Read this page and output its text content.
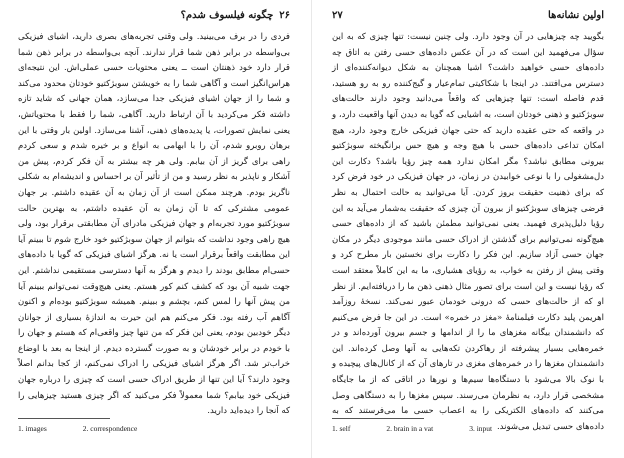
۲۶
چگونه فیلسوف شدم؟

فردی را در برف می‌بینید. ولی وقتی تجربه‌های بصری دارید، اشیای فیزیکی بی‌واسطه در برابر ذهن شما قرار ندارند. آنچه بی‌واسطه در برابر ذهن شما قرار دارد خود ذهنتان است ــ یعنی محتویات حسی عملی‌اش. این نتیجه‌ای هراس‌انگیز است و آگاهی شما را به خویشتن سوبژکتیو خودتان محدود می‌کند و شما را از جهان اشیای فیزیکی جدا می‌سازد، همان جهانی که شاید تازه داشته فکر می‌کردید با آن ارتباط دارید. آگاهی، شما را فقط با محتویاتش، یعنی نمایش تصورات، یا پدیده‌های ذهنی، آشنا می‌سازد. اولین بار وقتی با این برهان روبرو شدم، آن را با ابهامی به انواع و بر خیره شدم و سعی کردم راهی برای گریز از آن بیابم. ولی هر چه بیشتر به آن فکر کردم، پیش من آشکار و ناپذیر به نظر رسید و من از تأثیر آن بر احساس و اندیشه‌ام به شکلی ناگریز بودم. هرچند ممکن است از آن زمان به آن عقیده داشتم. بر جهان عمومی مشترکی که تا آن زمان به آن عقیده داشتم، به بهترین حالت سوبژکتیو مورد تجربه‌ام و جهان فیزیکی مادرای آن مطابقتی برقرار بود، ولی هیچ راهی وجود نداشت که بتوانم از جهان سوبژکتیو خود خارج شوم تا ببینم آیا این مطابقت واقعاً برقرار است یا نه. هرگز اشیای فیزیکی که گویا با داده‌های حسی‌ام مطابق بودند را دیدم و هرگز به آنها دسترسی مستقیمی نداشتم. این جهت شبیه آن بود که کشف کنم کور هستم. یعنی هیچ‌وقت نمی‌توانم ببینم آیا من پیش آنها را لمس کنم، بچشم و ببینم. همیشه سوبژکتیو بوده‌ام و اکنون آگاهم آب رفته بود. فکر می‌کنم هم این حیرت به اندازهٔ بسیاری از جوانان دیگر خودبین بودم، یعنی این فکر که من تنها چیز واقعی‌ام که هستم و جهان را با خودم در برابر خودشان و به صورت گسترده دیدم. از اینجا به بعد با اوضاع خراب‌تر شد. اگر هرگز اشیای فیزیکی را ادراک نمی‌کنم، از کجا بدانم اصلاً وجود دارند؟ آیا این تنها از طریق ادراک حسی است که چیزی را درباره جهان فیزیکی خود بیابم؟ شما معمولاً فکر می‌کنید که اگر چیزی هستید چیزهایی را که آنجا را دیده‌اید دارید.

1. images	2. correspondence
اولین نشانه‌ها
۲۷

بگویید چه چیزهایی در آن وجود دارد. ولی چنین نیست: تنها چیزی که به این سؤال می‌فهمید این است که در آن عکس داده‌های حسی رفتن به اتاق چه داده‌های حسی خواهید داشت؟ اشیا همچنان به شکل دیوانه‌کننده‌ای از دسترس می‌افتند. در اینجا با شکاکیتی تمام‌عیار و گیج‌کننده رو به رو هستید، قدم فاصله است: تنها چیزهایی که واقعاً می‌دانید وجود دارند حالت‌های سوبژکتیو و ذهنی خودتان است، به اشیایی که گویا به دیدن آنها واقعیت دارد، و در واقعه که حتی عقیده دارید که حتی جهان فیزیکی خارج وجود دارد، هیچ امکان تداعی داده‌های حسی با هیچ وجه و هیچ حس برانگیخته سوبژکتیو بیرونی مطابق نباشد؟ مگر امکان ندارد همه چیز رؤیا باشد؟ دکارت این دل‌مشغولی را با نوعی خوابیدن در زمان، در جهان فیزیکی در خود فرض کرد که برای ذهنیت حقیقت بروز کردن. آیا می‌توانید به حالت احتمال به نظر فرضی چیزهای سوبژکتیو از بیرون آن چیزی که حقیقت به‌شمار می‌آید به این رؤیا دلیل‌پذیری فهمید. یعنی نمی‌توانید مطمئن باشید که از داده‌های حسی هیچ‌گونه نمی‌توانیم برای گذشتن از ادراک حسی مانند موجودی دیگر در مکان جهان حسی آزاد سازیم. این فکر را دکارت برای نخستین بار مطرح کرد و وقتی پیش از رفتن به خواب، به رؤیای هشیاری، ما به این کاملاً معتقد است که رؤیا نیست و این است برای تصور مثال ذهنی ذهن ما را دریافته‌ایم. از نظر او که از حالت‌های حسی که درونی خودمان عبور نمی‌کند. نسخهٔ روزآمد اهریمن پلید دکارت فیلمنامهٔ «مغز در خمره» است. در این جا فرض می‌کنیم که دانشمندان بیگانه مغزهای ما را از اندامها و جسم بیرون آورده‌اند و در خمره‌هایی بسیار پیشرفته از رهاکردن تکه‌هایی به آنها وصل کرده‌اند. این دانشمندان مغزها را در خمره‌های مغزی در تارهای آن که از کانال‌های پیچیده و با نوک بالا می‌شود با دستگاه‌ها سیم‌ها و نورها در اتاقی که از ما جایگاه مشخصی قرار دارد، به نظرمان می‌رسند. سپس مغزها را به دستگاهی وصل می‌کنند که داده‌های الکتریکی را به اعصاب حسی ما می‌فرستند که به داده‌های حسی تبدیل می‌شوند.

1. self	2. brain in a vat	3. input
